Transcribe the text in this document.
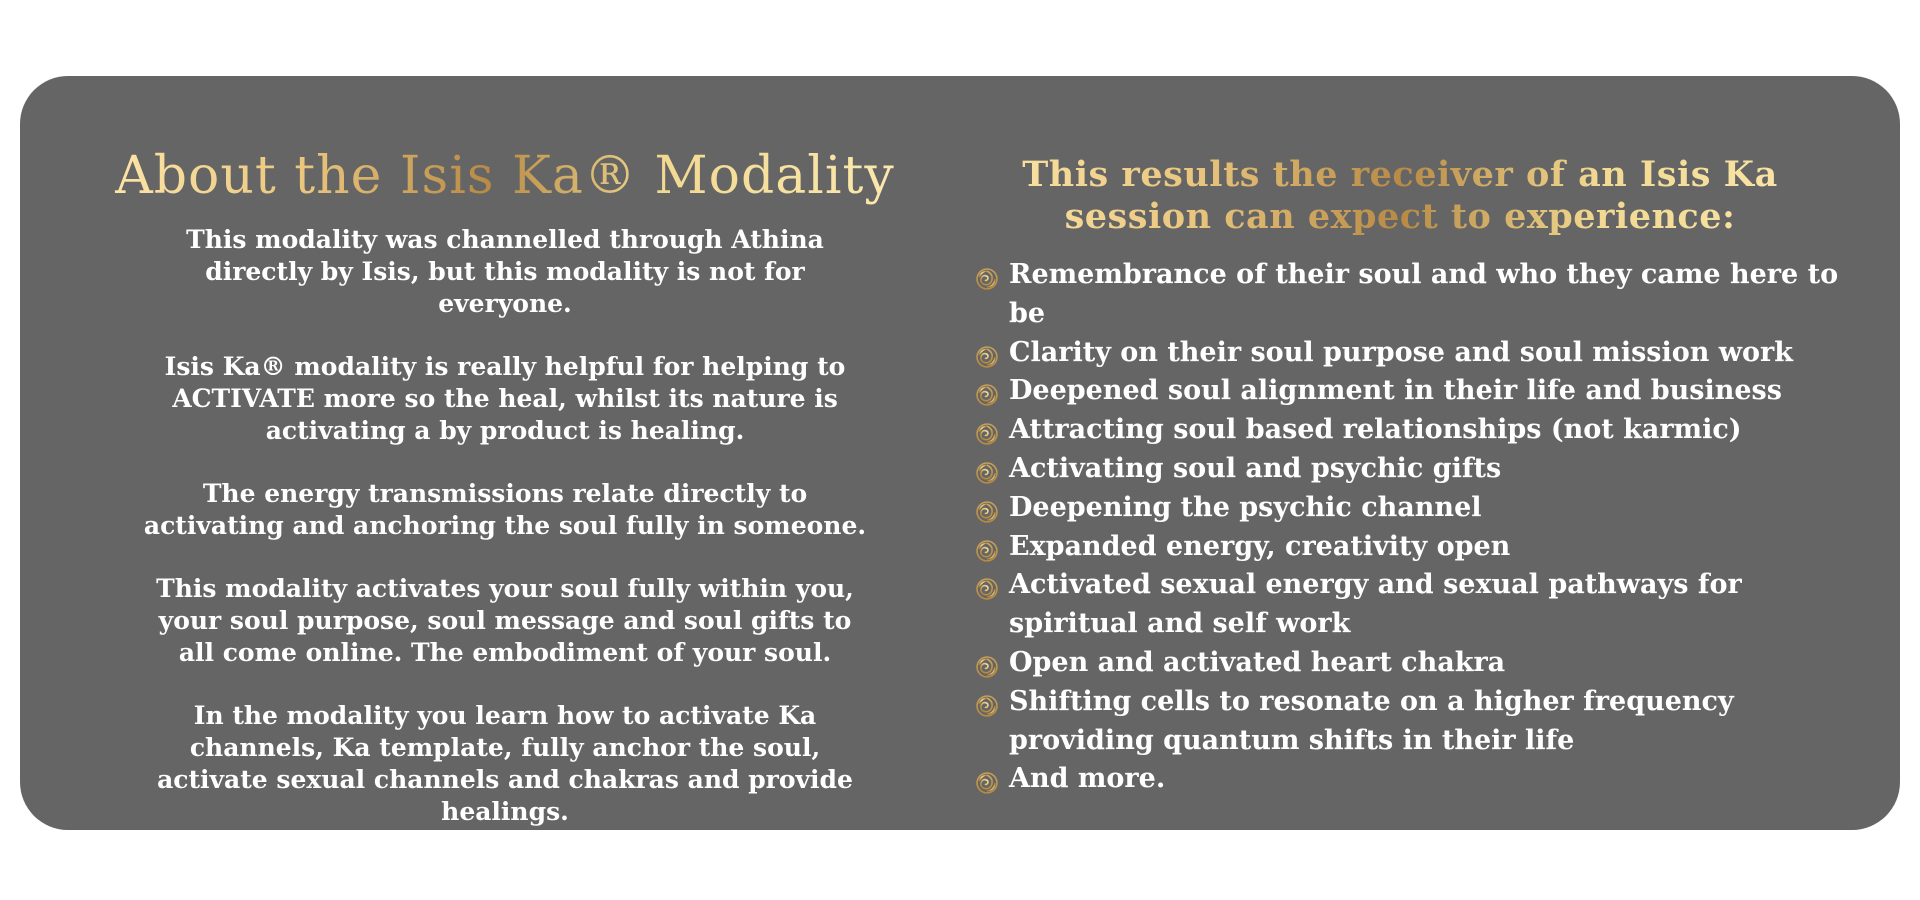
About the Isis Ka® Modality

This modality was channelled through Athina directly by Isis, but this modality is not for everyone.

Isis Ka® modality is really helpful for helping to ACTIVATE more so the heal, whilst its nature is activating a by product is healing.

The energy transmissions relate directly to activating and anchoring the soul fully in someone.

This modality activates your soul fully within you, your soul purpose, soul message and soul gifts to all come online. The embodiment of your soul.

In the modality you learn how to activate Ka channels, Ka template, fully anchor the soul, activate sexual channels and chakras and provide healings.

This results the receiver of an Isis Ka session can expect to experience:
Remembrance of their soul and who they came here to be
Clarity on their soul purpose and soul mission work
Deepened soul alignment in their life and business
Attracting soul based relationships (not karmic)
Activating soul and psychic gifts
Deepening the psychic channel
Expanded energy, creativity open
Activated sexual energy and sexual pathways for spiritual and self work
Open and activated heart chakra
Shifting cells to resonate on a higher frequency providing quantum shifts in their life
And more.
